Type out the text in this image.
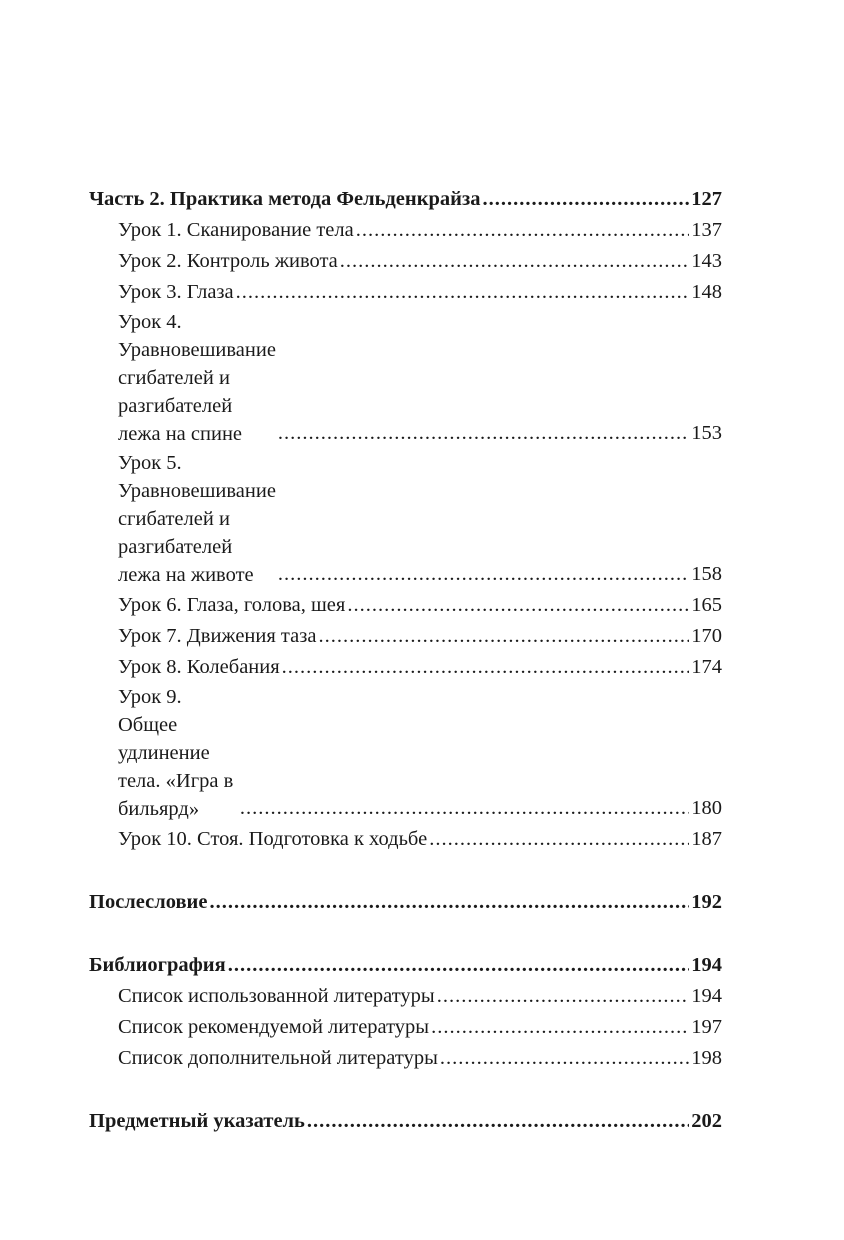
Часть 2. Практика метода Фельденкрайза .....	127
Урок 1. Сканирование тела .....	137
Урок 2. Контроль живота .....	143
Урок 3. Глаза .....	148
Урок 4. Уравновешивание сгибателей и разгибателей лежа на спине .....	153
Урок 5. Уравновешивание сгибателей и разгибателей лежа на животе .....	158
Урок 6. Глаза, голова, шея .....	165
Урок 7. Движения таза .....	170
Урок 8. Колебания .....	174
Урок 9. Общее удлинение тела. «Игра в бильярд» .....	180
Урок 10. Стоя. Подготовка к ходьбе .....	187
Послесловие .....	192
Библиография .....	194
Список использованной литературы .....	194
Список рекомендуемой литературы .....	197
Список дополнительной литературы .....	198
Предметный указатель .....	202
